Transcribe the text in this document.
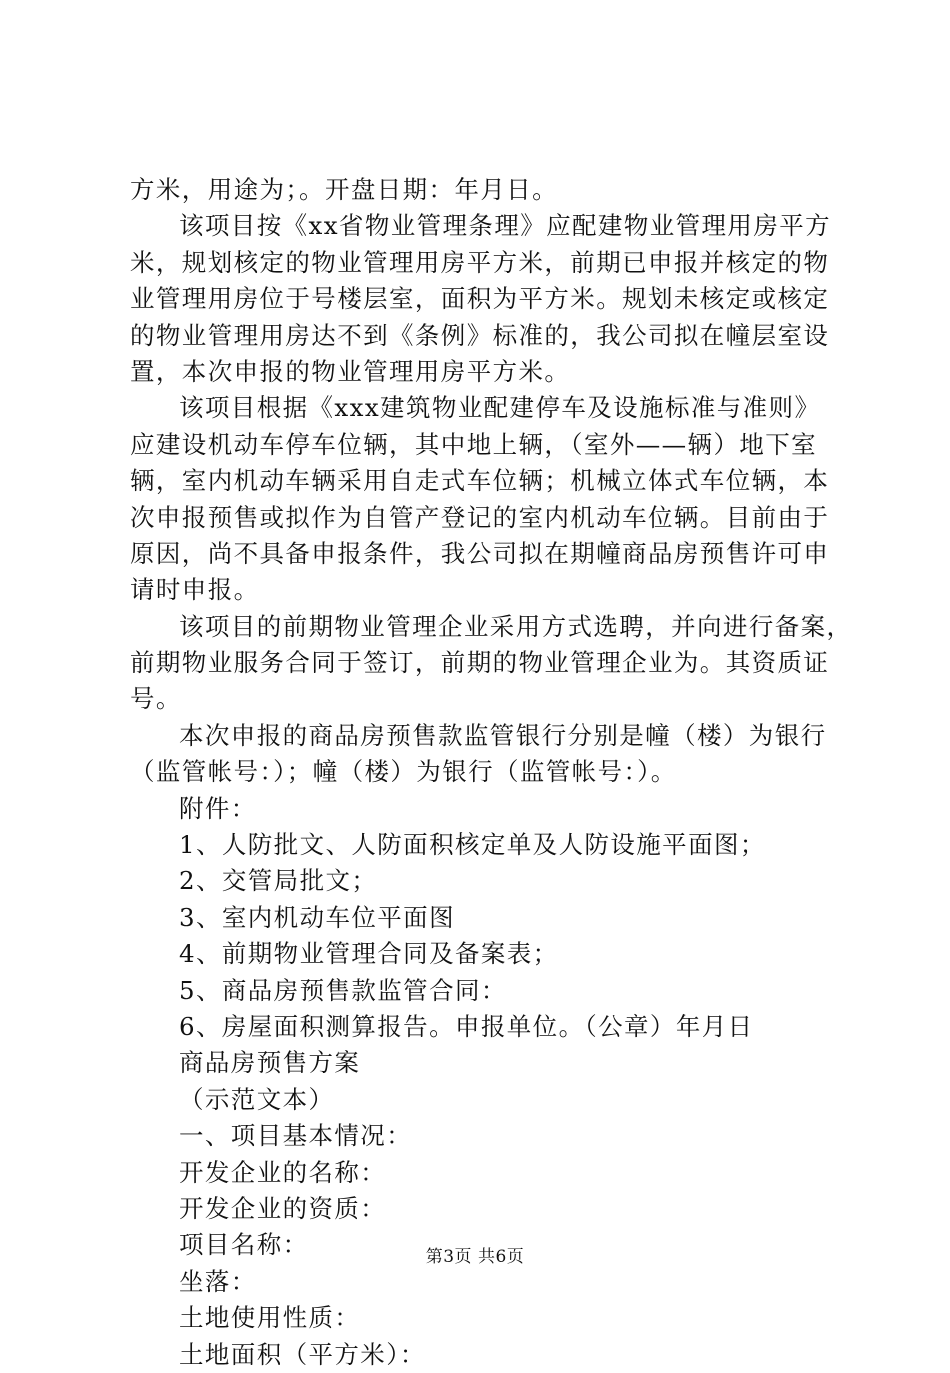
方米，用途为；。开盘日期：年月日。
该项目按《xx省物业管理条理》应配建物业管理用房平方
米，规划核定的物业管理用房平方米，前期已申报并核定的物
业管理用房位于号楼层室，面积为平方米。规划未核定或核定
的物业管理用房达不到《条例》标准的，我公司拟在幢层室设
置，本次申报的物业管理用房平方米。
该项目根据《xxx建筑物业配建停车及设施标准与准则》
应建设机动车停车位辆，其中地上辆，（室外——辆）地下室
辆，室内机动车辆采用自走式车位辆；机械立体式车位辆，本
次申报预售或拟作为自管产登记的室内机动车位辆。目前由于
原因，尚不具备申报条件，我公司拟在期幢商品房预售许可申
请时申报。
该项目的前期物业管理企业采用方式选聘，并向进行备案，
前期物业服务合同于签订，前期的物业管理企业为。其资质证
号。
本次申报的商品房预售款监管银行分别是幢（楼）为银行
（监管帐号：）；幢（楼）为银行（监管帐号：）。
附件：
1、人防批文、人防面积核定单及人防设施平面图；
2、交管局批文；
3、室内机动车位平面图
4、前期物业管理合同及备案表；
5、商品房预售款监管合同：
6、房屋面积测算报告。申报单位。（公章）年月日
商品房预售方案
（示范文本）
一、项目基本情况：
开发企业的名称：
开发企业的资质：
项目名称：
坐落：
土地使用性质：
土地面积（平方米）：
第3页 共6页
